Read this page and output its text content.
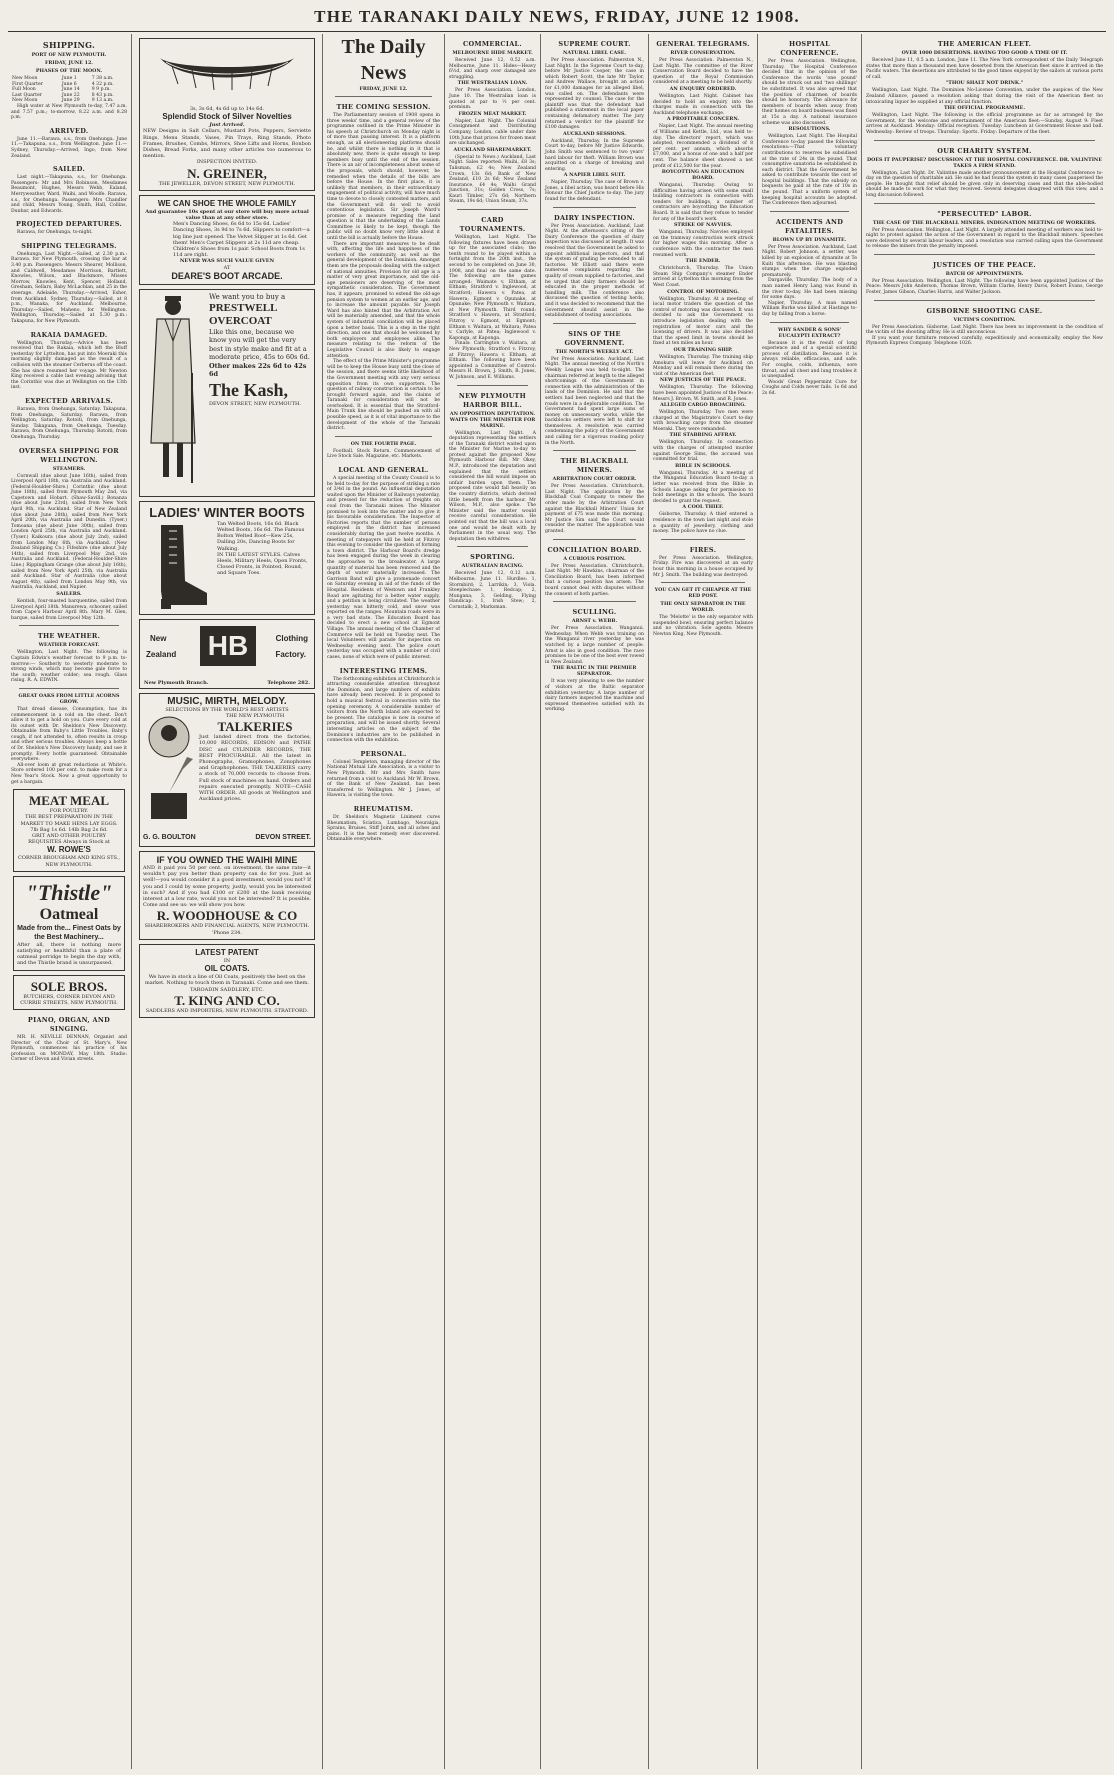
THE TARANAKI DAILY NEWS, FRIDAY, JUNE 12 1908.
SHIPPING.
PORT OF NEW PLYMOUTH.
FRIDAY, JUNE 12.
PHASES OF THE MOON.
New Moon	June 1	7 38 a.m.
First Quarter	June 6	4 32 p.m.
Full Moon	June 14	9 9 p.m.
Last Quarter	June 22	8 43 p.m.
New Moon	June 29	9 13 a.m.

High water at New Plymouth to-day, 7.47 a.m. and 7.57 p.m.; to-morrow, 8.22 a.m. and 8.28 p.m.

ARRIVED.

June 11.—Rarawa, s.s., from Onehunga. June 11.—Takapuna, s.s., from Wellington. June 11.—Sydney, Thursday.—Arrived, Ingo, from New Zealand.

SAILED.

Last night.—Takapuna, s.s., for Onehunga. Passengers: Mr and Mrs Robinson, Mesdames Beaumont, Hughes, Messrs Webb, Ealand, Merryweather, Ward, Waihi, and Woolfe. Rarawa, s.s., for Onehunga. Passengers: Mrs Chandler and child, Messrs Young, Smith, Hall, Collins, Dunbar, and Edwards.

PROJECTED DEPARTURES.

Rarawa, for Onehunga, to-night.

SHIPPING TELEGRAMS.

Onehunga, Last Night.—Sailed, at 2.30 p.m.: Rarawa, for New Plymouth, crossing the bar at 3.40 p.m. Passengers: Messrs Shearer, Mollison, and Caldwell, Mesdames Morrison, Bartlett, Knowles, Wilson, and Blackmore, Misses Morrow, Knowles, Kent, Spencer, Holland, Gresham, Sellars, Baby McLachlan, and 25 in the steerage. Adelaide, Thursday.—Arrived, Esher, from Auckland. Sydney, Thursday.—Sailed, at 8 p.m., Wanaka, for Auckland. Melbourne, Thursday.—Sailed, Maheno, for Wellington. Wellington, Thursday.—Sailed at 5.30 p.m.: Takapuna, for New Plymouth.

RAKAIA DAMAGED.

Wellington, Thursday.—Advice has been received that the Rakaia, which left the Bluff yesterday for Lyttelton, has put into Moeraki this morning slightly damaged as the result of a collision with the steamer Cerberus off the coast. She has since resumed her voyage. Mr Newton King received a cable last evening advising that the Corinthic was due at Wellington on the 13th inst.

EXPECTED ARRIVALS.

Rarawa, from Onehunga, Saturday. Takapuna, from Onehunga, Saturday. Rarawa, from Wellington, Saturday. Rotoiti, from Onehunga, Sunday. Takapuna, from Onehunga, Tuesday. Rarawa, from Onehunga, Thursday. Rotoiti, from Onehunga, Thursday.

OVERSEA SHIPPING FOR WELLINGTON.
STEAMERS.

Cornwall (due about June 16th), sailed from Liverpool April 18th, via Australia and Auckland. (Federal-Houlder-Shire.) Corinthic (due about June 18th), sailed from Plymouth May 2nd, via Capetown and Hobart. (Shaw-Savill.) Bonanza (due about June 23rd), sailed from New York April 9th, via Auckland. Star of New Zealand (due about June 28th), sailed from New York April 20th, via Australia and Dunedin. (Tyser.) Tomoana (due about June 30th), sailed from London April 25th, via Australia and Auckland. (Tyser.) Kaikoura (due about July 2nd), sailed from London May 6th, via Auckland. (New Zealand Shipping Co.) Fifeshire (due about July 14th), sailed from Liverpool May 2nd, via Australia and Auckland. (Federal-Houlder-Shire Line.) Rippingham Grange (due about July 16th), sailed from New York April 25th, via Australia and Auckland. Star of Australia (due about August 4th), sailed from London May 9th, via Australia, Auckland, and Napier.

SAILERS.

Kentish, four-masted barquentine, sailed from Liverpool April 18th. Manurewa, schooner, sailed from Cape's Harbour April 8th. Mary M. Glen, barque, sailed from Liverpool May 12th.

THE WEATHER.
WEATHER FORECAST.

Wellington, Last Night. The following is Captain Edwin's weather forecast to 9 p.m. to-morrow:— Southerly to westerly moderate to strong winds, which may become gale force to the south; weather colder; sea rough. Glass rising. R. A. EDWIN.

GREAT OAKS FROM LITTLE ACORNS GROW.

That dread disease, Consumption, has its commencement in a cold on the chest. Don't allow it to get a hold on you. Cure every cold at its outset with Dr. Sheldon's New Discovery. Obtainable from Baby's Little Troubles. Baby's cough, if not attended to, often results in croup and other serious troubles. Always keep a bottle of Dr. Sheldon's New Discovery handy, and use it promptly. Every bottle guaranteed. Obtainable everywhere.

All-over loom at great reductions at White's. Store ordered 100 per cent. to make room for a New Year's Stock. Now a great opportunity to get a bargain.

MEAT MEAL
FOR POULTRY.
THE BEST PREPARATION IN THE MARKET TO MAKE HENS LAY EGGS.
7lb Bag 1s 6d. 14lb Bag 2s 6d.
GRIT AND OTHER POULTRY REQUISITES Always in Stock at
W. ROWE'S
CORNER BROUGHAM AND KING STS., NEW PLYMOUTH.
"Thistle"
Oatmeal
Made from the... Finest Oats by the Best Machinery...
After all, there is nothing more satisfying or healthful than a plate of oatmeal porridge to begin the day with, and the Thistle brand is unsurpassed.
SOLE BROS.
BUTCHERS, CORNER DEVON AND CURRIE STREETS, NEW PLYMOUTH.
PIANO, ORGAN, AND SINGING.

MR. H. NEVILLE DENNAN, Organist and Director of the Choir of St. Mary's, New Plymouth, commences his practice of his profession on MONDAY, May 18th. Studio: Corner of Devon and Vivian streets.

3s, 3s 6d, 4s 6d up to 14s 6d.
Splendid Stock of Silver Novelties
Just Arrived.
NEW Designs in Salt Cellars, Mustard Pots, Peppers, Serviette Rings, Menu Stands, Vases, Pin Trays, Ring Stands, Photo Frames, Brushes, Combs, Mirrors, Shoe Lifts and Horns, Bonbon Dishes, Bread Forks, and many other articles too numerous to mention.
INSPECTION INVITED.
N. GREINER,
THE JEWELLER, DEVON STREET, NEW PLYMOUTH.
WE CAN SHOE THE WHOLE FAMILY
And guarantee 10s spent at our store will buy more actual value than at any other store.
Men's Dancing Shoes, 6s 6d to 15s 6d. Ladies' Dancing Shoes, 3s 9d to 7s 6d. Slippers to comfort—a big line just opened. The Velvet Slipper at 1s 6d. Get them! Men's Carpet Slippers at 2s 11d are cheap. Children's Shoes from 1s pair. School Boots from 1s 11d are right.
NEVER WAS SUCH VALUE GIVEN
AT
DEARE'S BOOT ARCADE.
We want you to buy a
PRESTWELL OVERCOAT
Like this one, because we know you will get the very best in style make and fit at a moderate price, 45s to 60s 6d.
Other makes 22s 6d to 42s 6d
The Kash,
DEVON STREET, NEW PLYMOUTH.
LADIES' WINTER BOOTS
Tan Welted Boots, 16s 6d. Black Welted Boots, 16s 6d. The Famous Bolton Welted Boot—Kew 25s, Dalling 20s, Dancing Boots for Walking.
IN THE LATEST STYLES. Calves Heels, Military Heels, Open Fronts, Closed Fronts, in Pointed, Round, and Square Toes.
New
Zealand HB	Clothing
Factory.
New Plymouth Branch.	Telephone 282.
MUSIC, MIRTH, MELODY.
SELECTIONS BY THE WORLD'S BEST ARTISTS
THE NEW PLYMOUTH
TALKERIES
Just landed direct from the factories, 10,000 RECORDS, EDISON and PATHE DISC and CYLINDER RECORDS, THE BEST PROCURABLE. All the latest in Phonographs, Gramophones, Zonophones and Graphophones. THE TALKERIES carry a stock of 70,000 records to choose from. Full stock of machines on hand. Orders and repairs executed promptly. NOTE—CASH WITH ORDER. All goods at Wellington and Auckland prices.
G. G. BOULTON	DEVON STREET.
IF YOU OWNED THE WAIHI MINE
AND it paid you 50 per cent. on investment, the same rate—it wouldn't pay you better than property can do for you. Just as well!—you would consider it a good investment, would you not? If you and I could by some property, justly, would you be interested in such? And if you had £100 or £200 at the bank receiving interest at a low rate, would you not be interested? It is possible. Come and see us: we will show you how.
R. WOODHOUSE & CO
SHAREBROKERS AND FINANCIAL AGENTS, NEW PLYMOUTH. 'Phone 234.
LATEST PATENT
IN
OIL COATS.
We have in stock a line of Oil Coats, positively the best on the market. Nothing to touch them in Taranaki. Come and see them.
TAROADIN SADDLERY, ETC.
T. KING AND CO.
SADDLERS AND IMPORTERS, NEW PLYMOUTH. STRATFORD.
The Daily News
FRIDAY, JUNE 12.
THE COMING SESSION.

The Parliamentary session of 1908 opens in three weeks' time, and a general review of the programme outlined in the Prime Minister in his speech at Christchurch on Monday night is of more than passing interest. It is a platform enough, as all electioneering platforms should be, and whilst there is nothing in it that is absolutely new, there is quite enough to keep members busy until the end of the session. There is an air of incompleteness about some of the proposals, which should, however, be remedied when the details of the bills are before the House. In the first place, it is unlikely that members, in their extraordinary engagement of political activity, will have much time to devote to closely contested matters, and the Government will do well to avoid contentious legislation. Sir Joseph Ward's promise of a measure regarding the land question is that the undertaking of the Lands Committee is likely to be kept, though the public will no doubt know very little about it until the bill is actually before the House.

There are important measures to be dealt with, affecting the life and happiness of the workers of the community, as well as the general development of the Dominion. Amongst them are the proposals dealing with the subject of national annuities. Provision for old age is a matter of very great importance, and the old-age pensioners are deserving of the most sympathetic consideration. The Government has, it appears, promised to extend the old-age pension system to women at an earlier age, and to increase the amount payable. Sir Joseph Ward has also hinted that the Arbitration Act will be materially amended, and that the whole system of industrial conciliation will be placed upon a better basis. This is a step in the right direction, and one that should be welcomed by both employers and employees alike. The measure relating to the reform of the Legislative Council is also likely to engage attention.

The effect of the Prime Minister's programme will be to keep the House busy until the close of the session, and there seems little likelihood of the Government meeting with any very serious opposition from its own supporters. The question of railway construction is certain to be brought forward again, and the claims of Taranaki for consideration will not be overlooked. It is essential that the Stratford-Main Trunk line should be pushed on with all possible speed, as it is of vital importance to the development of the whole of the Taranaki district.

ON THE FOURTH PAGE.

Football. Stock Return. Commencement of Live Stock Sale. Magazine, etc. Markets.

LOCAL AND GENERAL.

A special meeting of the County Council is to be held to-day for the purpose of striking a rate of 3/4d in the pound. An influential deputation waited upon the Minister of Railways yesterday, and pressed for the reduction of freights on coal from the Taranaki mines. The Minister promised to look into the matter and to give it his favourable consideration. The Inspector of Factories reports that the number of persons employed in the district has increased considerably during the past twelve months. A meeting of ratepayers will be held at Fitzroy this evening to consider the question of forming a town district. The Harbour Board's dredge has been engaged during the week in clearing the approaches to the breakwater. A large quantity of material has been removed and the depth of water materially increased. The Garrison Band will give a promenade concert on Saturday evening in aid of the funds of the Hospital. Residents of Westown and Frankley Road are agitating for a better water supply, and a petition is being circulated. The weather yesterday was bitterly cold, and snow was reported on the ranges. Mountain roads were in a very bad state. The Education Board has decided to erect a new school at Egmont Village. The annual meeting of the Chamber of Commerce will be held on Tuesday next. The local Volunteers will parade for inspection on Wednesday evening next. The police court yesterday was occupied with a number of civil cases, none of which were of public interest.

INTERESTING ITEMS.

The forthcoming exhibition at Christchurch is attracting considerable attention throughout the Dominion, and large numbers of exhibits have already been received. It is proposed to hold a musical festival in connection with the opening ceremony. A considerable number of visitors from the North Island are expected to be present. The catalogue is now in course of preparation, and will be issued shortly. Several interesting articles on the subject of the Dominion's industries are to be published in connection with the exhibition.

PERSONAL.

Colonel Templeton, managing director of the National Mutual Life Association, is a visitor to New Plymouth. Mr and Mrs Smith have returned from a visit to Auckland. Mr W. Brown, of the Bank of New Zealand, has been transferred to Wellington. Mr J. Jones, of Hawera, is visiting the town.

RHEUMATISM.

Dr. Sheldon's Magnetic Liniment cures Rheumatism, Sciatica, Lumbago, Neuralgia, Sprains, Bruises, Stiff Joints, and all aches and pains. It is the best remedy ever discovered. Obtainable everywhere.

COMMERCIAL.
MELBOURNE HIDE MARKET.

Received June 12, 0.52 a.m. Melbourne, June 11. Hides—Heavy 6½d, and sharp over damaged are struggling.

THE WESTRALIAN LOAN.

Per Press Association. London, June 10. The Westralian loan is quoted at par to ½ per cent. premium.

FROZEN MEAT MARKET.

Napier, Last Night. The Colonial Consignment and Distributing Company, London, cable under date 10th June that prices for frozen meat are unchanged.

AUCKLAND SHAREMARKET.

(Special to News.) Auckland, Last Night. Sales reported: Waihi, £8 3s; Talisman, £2 4s; New Zealand Crown, 13s 6d; Bank of New Zealand, £10 2s 6d; New Zealand Insurance, £4 4s; Waihi Grand Junction, 31s; Golden Cross, 7s; Kauri Timber, 27s 6d; Northern Steam, 19s 6d; Union Steam, 37s.

CARD TOURNAMENTS.

Wellington, Last Night. The following fixtures have been drawn up for the associated clubs; the tenth round to be played within a fortnight from the 20th inst., the second to be completed on June 30, 1908, and final on the same date. The following are the games arranged: Waimate v. Eltham, at Eltham; Stratford v. Inglewood, at Stratford; Hawera v. Patea, at Hawera; Egmont v. Opunake, at Opunake; New Plymouth v. Waitara, at New Plymouth. Third round: Stratford v. Hawera, at Stratford; Fitzroy v. Egmont, at Egmont; Eltham v. Waitara, at Waitara; Patea v. Carlyle, at Patea; Inglewood v. Kaponga, at Kaponga.

Finals: Carrington v. Waitara, at New Plymouth; Stratford v. Fitzroy, at Fitzroy; Hawera v. Eltham, at Eltham. The following have been appointed a Committee of Control: Messrs H. Brown, J. Smith, R. Jones, W. Johnson, and E. Williams.

NEW PLYMOUTH HARBOR BILL.
AN OPPOSITION DEPUTATION. WAITS ON THE MINISTER FOR MARINE.

Wellington, Last Night. A deputation representing the settlers of the Taranaki district waited upon the Minister for Marine to-day to protest against the proposed New Plymouth Harbour Bill. Mr Okey, M.P., introduced the deputation and explained that the settlers considered the bill would impose an unfair burden upon them. The proposed rate would fall heavily on the country districts, which derived little benefit from the harbour. Mr Wilson, M.P., also spoke. The Minister said the matter would receive careful consideration. He pointed out that the bill was a local one and would be dealt with by Parliament in the usual way. The deputation then withdrew.

SPORTING.
AUSTRALIAN RACING.

Received June 12, 0.12 a.m. Melbourne, June 11. Hurdles: 1, Stormbird; 2, Larrikin; 3, Viola. Steeplechase: 1, Redcap; 2, Mungana; 3, Gelding. Flying Handicap: 1, Irish Stew; 2, Cornstalk; 3, Marksman.

SUPREME COURT.
NATURAL LIBEL CASE.

Per Press Association. Palmerston N., Last Night. In the Supreme Court to-day, before Mr Justice Cooper, the case in which Robert Scott, the late Mr Taylor, and Andrew Wallace, brought an action for £1,000 damages for an alleged libel, was called on. The defendants were represented by counsel. The case for the plaintiff was that the defendant had published a statement in the local paper containing defamatory matter. The jury returned a verdict for the plaintiff for £100 damages.

AUCKLAND SESSIONS.

Auckland, Thursday. In the Supreme Court to-day, before Mr Justice Edwards, John Smith was sentenced to two years' hard labour for theft. William Brown was acquitted on a charge of breaking and entering.

A NAPIER LIBEL SUIT.

Napier, Thursday. The case of Brown v. Jones, a libel action, was heard before His Honour the Chief Justice to-day. The jury found for the defendant.

DAIRY INSPECTION.

Per Press Association. Auckland, Last Night. At the afternoon's sitting of the Dairy Conference the question of dairy inspection was discussed at length. It was resolved that the Government be asked to appoint additional inspectors, and that the system of grading be extended to all factories. Mr Elliott said there were numerous complaints regarding the quality of cream supplied to factories, and he urged that dairy farmers should be educated in the proper methods of handling milk. The conference also discussed the question of testing herds, and it was decided to recommend that the Government should assist in the establishment of testing associations.

SINS OF THE GOVERNMENT.
THE NORTH'S WEEKLY ACT.

Per Press Association. Auckland, Last Night. The annual meeting of the North's Weekly League was held to-night. The chairman referred at length to the alleged shortcomings of the Government in connection with the administration of the lands of the Dominion. He said that the settlers had been neglected and that the roads were in a deplorable condition. The Government had spent large sums of money on unnecessary works, while the backblocks settlers were left to shift for themselves. A resolution was carried condemning the policy of the Government and calling for a vigorous roading policy in the North.

THE BLACKBALL MINERS.
ARBITRATION COURT ORDER.

Per Press Association. Christchurch, Last Night. The application by the Blackball Coal Company to renew the order made by the Arbitration Court against the Blackball Miners' Union for payment of £75 was made this morning. Mr Justice Sim said the Court would consider the matter. The application was granted.

CONCILIATION BOARD.
A CURIOUS POSITION.

Per Press Association. Christchurch, Last Night. Mr Hawkins, chairman of the Conciliation Board, has been informed that a curious position has arisen. The board cannot deal with disputes without the consent of both parties.

SCULLING.
ARNST v. WEBB.

Per Press Association. Wanganui, Wednesday. When Webb was training on the Wanganui river yesterday he was watched by a large number of people. Arnst is also in good condition. The race promises to be one of the best ever rowed in New Zealand.

THE BALTIC IN THE PREMIER SEPARATOR.

It was very pleasing to see the number of visitors at the Baltic separator exhibition yesterday. A large number of dairy farmers inspected the machine and expressed themselves satisfied with its working.

GENERAL TELEGRAMS.
RIVER CONSERVATION.

Per Press Association. Palmerston N., Last Night. The committee of the River Conservation Board decided to have the question of the Royal Commission considered at a meeting to be held shortly.

AN ENQUIRY ORDERED.

Wellington, Last Night. Cabinet has decided to hold an enquiry into the charges made in connection with the Auckland telephone exchange.

A PROFITABLE CONCERN.

Napier, Last Night. The annual meeting of Williams and Kettle, Ltd., was held to-day. The directors' report, which was adopted, recommended a dividend of 8 per cent. per annum, which absorbs £7,000, and a bonus of one and a half per cent. The balance sheet showed a net profit of £12,500 for the year.

BOYCOTTING AN EDUCATION BOARD.

Wanganui, Thursday. Owing to difficulties having arisen with some small building contractors in connection with tenders for buildings, a number of contractors are boycotting the Education Board. It is said that they refuse to tender for any of the board's work.

STRIKE OF NAVVIES.

Wanganui, Thursday. Navvies employed on the tramway construction work struck for higher wages this morning. After a conference with the contractor the men resumed work.

THE ENDER.

Christchurch, Thursday. The Union Steam Ship Company's steamer Ender arrived at Lyttelton this morning from the West Coast.

CONTROL OF MOTORING.

Wellington, Thursday. At a meeting of local motor traders the question of the control of motoring was discussed. It was decided to ask the Government to introduce legislation dealing with the registration of motor cars and the licensing of drivers. It was also decided that the speed limit in towns should be fixed at ten miles an hour.

OUR TRAINING SHIP.

Wellington, Thursday. The training ship Amokura will leave for Auckland on Monday and will remain there during the visit of the American fleet.

NEW JUSTICES OF THE PEACE.

Wellington, Thursday. The following have been appointed Justices of the Peace: Messrs J. Brown, W. Smith, and R. Jones.

ALLEGED CARGO BROACHING.

Wellington, Thursday. Two men were charged at the Magistrate's Court to-day with broaching cargo from the steamer Moeraki. They were remanded.

THE STABBING AFFRAY.

Wellington, Thursday. In connection with the charges of attempted murder against George Sims, the accused was committed for trial.

BIBLE IN SCHOOLS.

Wanganui, Thursday. At a meeting of the Wanganui Education Board to-day a letter was received from the Bible in Schools League asking for permission to hold meetings in the schools. The board decided to grant the request.

A COOL THIEF.

Gisborne, Thursday. A thief entered a residence in the town last night and stole a quantity of jewellery, clothing and money. The police have no clue.

FIRES.

Per Press Association. Wellington, Friday. Fire was discovered at an early hour this morning in a house occupied by Mr J. Smith. The building was destroyed.

YOU CAN GET IT CHEAPER AT THE RED POST.
THE ONLY SEPARATOR IN THE WORLD.

The 'Melotte' is the only separator with suspended bowl, ensuring perfect balance and no vibration. Sole agents: Messrs Newton King, New Plymouth.

HOSPITAL CONFERENCE.

Per Press Association. Wellington, Thursday. The Hospital Conference decided that in the opinion of the Conference the words 'one pound' should be struck out and 'two shillings' be substituted. It was also agreed that the position of chairmen of boards should be honorary. The allowance for members of boards when away from their homes on board business was fixed at 15s a day. A national insurance scheme was also discussed.

RESOLUTIONS.

Wellington, Last Night. The Hospital Conference to-day passed the following resolutions:—That voluntary contributions to reserves be subsidised at the rate of 24s in the pound. That consumptive sanatoria be established in each district. That the Government be asked to contribute towards the cost of hospital buildings. That the subsidy on bequests be paid at the rate of 10s in the pound. That a uniform system of keeping hospital accounts be adopted. The Conference then adjourned.

ACCIDENTS AND FATALITIES.
BLOWN UP BY DYNAMITE.

Per Press Association. Auckland, Last Night. Robert Johnson, a settler, was killed by an explosion of dynamite at Te Kuiti this afternoon. He was blasting stumps when the charge exploded prematurely.

Dargaville, Thursday. The body of a man named Henry Lang was found in the river to-day. He had been missing for some days.

Napier, Thursday. A man named William Burke was killed at Hastings to-day by falling from a horse.

WHY SANDER & SONS' EUCALYPTI EXTRACT?

Because it is the result of long experience and of a special scientific process of distillation. Because it is always reliable, efficacious, and safe. For coughs, colds, influenza, sore throat, and all chest and lung troubles it is unequalled.

Woods' Great Peppermint Cure for Coughs and Colds never fails. 1s 6d and 2s 6d.

THE AMERICAN FLEET.
OVER 1000 DESERTIONS. HAVING TOO GOOD A TIME OF IT.

Received June 11, 0.5 a.m. London, June 11. The New York correspondent of the Daily Telegraph states that more than a thousand men have deserted from the American fleet since it arrived in the Pacific waters. The desertions are attributed to the good times enjoyed by the sailors at various ports of call.

"THOU SHALT NOT DRINK."

Wellington, Last Night. The Dominion No-License Convention, under the auspices of the New Zealand Alliance, passed a resolution asking that during the visit of the American fleet no intoxicating liquor be supplied at any official function.

THE OFFICIAL PROGRAMME.

Wellington, Last Night. The following is the official programme as far as arranged by the Government, for the welcome and entertainment of the American fleet:—Sunday, August 9: Fleet arrives at Auckland. Monday: Official reception. Tuesday: Luncheon at Government House and ball. Wednesday: Review of troops. Thursday: Sports. Friday: Departure of the fleet.

OUR CHARITY SYSTEM.
DOES IT PAUPERISE? DISCUSSION AT THE HOSPITAL CONFERENCE. DR. VALINTINE TAKES A FIRM STAND.

Wellington, Last Night. Dr. Valintine made another pronouncement at the Hospital Conference to-day on the question of charitable aid. He said he had found the system in many cases pauperised the people. He thought that relief should be given only in deserving cases and that the able-bodied should be made to work for what they received. Several delegates disagreed with this view, and a long discussion followed.

"PERSECUTED" LABOR.
THE CASE OF THE BLACKBALL MINERS. INDIGNATION MEETING OF WORKERS.

Per Press Association. Wellington, Last Night. A largely attended meeting of workers was held to-night to protest against the action of the Government in regard to the Blackball miners. Speeches were delivered by several labour leaders, and a resolution was carried calling upon the Government to release the miners from the penalty imposed.

JUSTICES OF THE PEACE.
BATCH OF APPOINTMENTS.

Per Press Association. Wellington, Last Night. The following have been appointed Justices of the Peace: Messrs John Anderson, Thomas Brown, William Clarke, Henry Davis, Robert Evans, George Foster, James Gibson, Charles Harris, and Walter Jackson.

GISBORNE SHOOTING CASE.
VICTIM'S CONDITION.

Per Press Association. Gisborne, Last Night. There has been no improvement in the condition of the victim of the shooting affray. He is still unconscious.

If you want your furniture removed carefully, expeditiously and economically, employ the New Plymouth Express Company. Telephone 1026.
